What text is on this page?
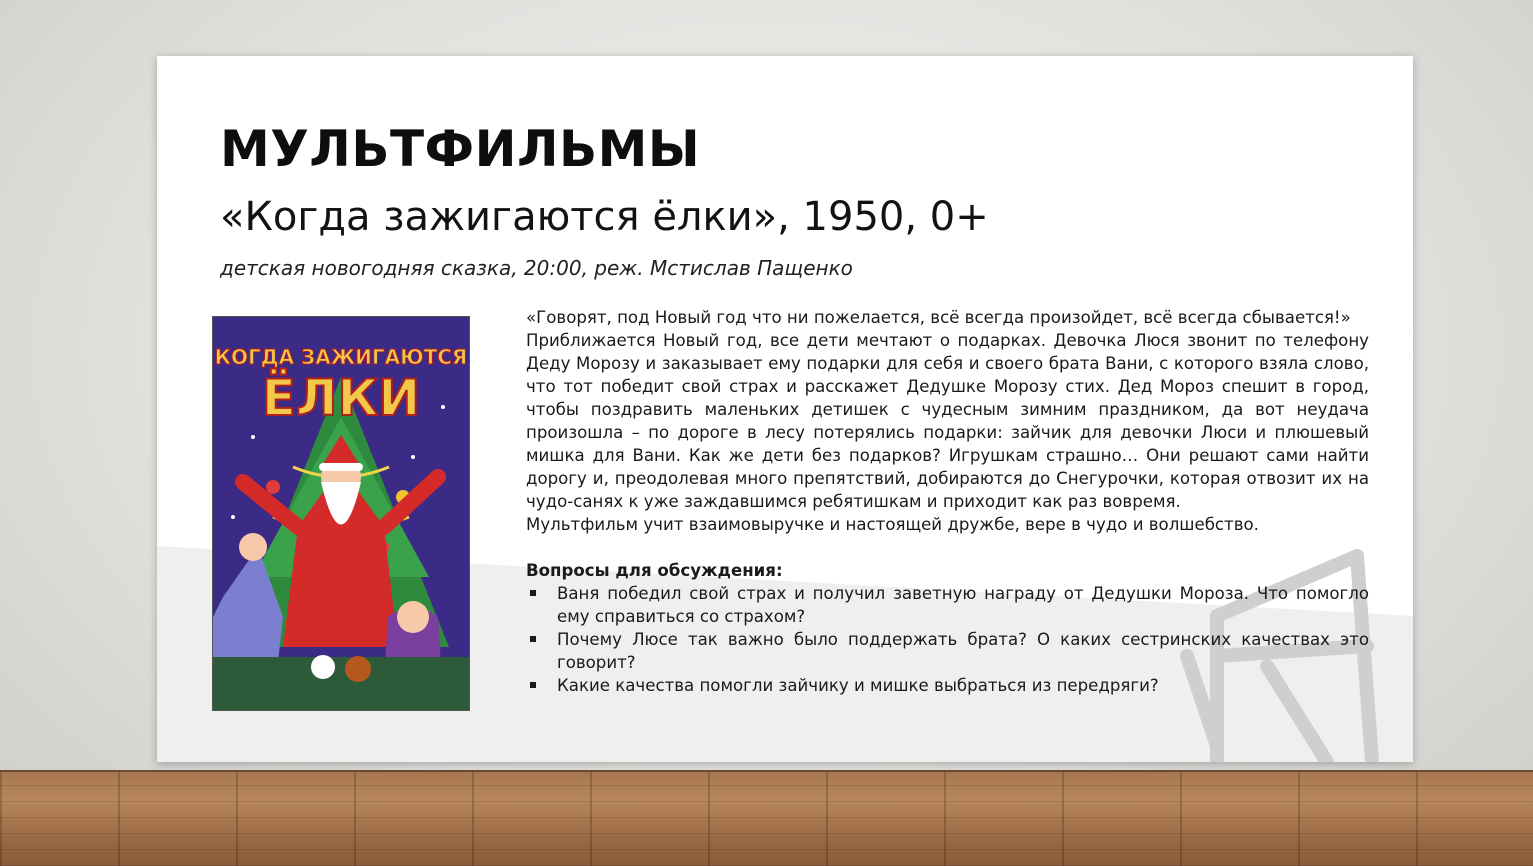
МУЛЬТФИЛЬМЫ
«Когда зажигаются ёлки», 1950, 0+

детская новогодняя сказка, 20:00, реж. Мстислав Пащенко

КОГДА ЗАЖИГАЮТСЯ
ЁЛКИ

«Говорят, под Новый год что ни пожелается, всё всегда произойдет, всё всегда сбывается!»

Приближается Новый год, все дети мечтают о подарках. Девочка Люся звонит по телефону Деду Морозу и заказывает ему подарки для себя и своего брата Вани, с которого взяла слово, что тот победит свой страх и расскажет Дедушке Морозу стих. Дед Мороз спешит в город, чтобы поздравить маленьких детишек с чудесным зимним праздником, да вот неудача произошла – по дороге в лесу потерялись подарки: зайчик для девочки Люси и плюшевый мишка для Вани. Как же дети без подарков? Игрушкам страшно… Они решают сами найти дорогу и, преодолевая много препятствий, добираются до Снегурочки, которая отвозит их на чудо-санях к уже заждавшимся ребятишкам и приходит как раз вовремя.

Мультфильм учит взаимовыручке и настоящей дружбе, вере в чудо и волшебство.

Вопросы для обсуждения:

Ваня победил свой страх и получил заветную награду от Дедушки Мороза. Что помогло ему справиться со страхом?
Почему Люсе так важно было поддержать брата? О каких сестринских качествах это говорит?
Какие качества помогли зайчику и мишке выбраться из передряги?
